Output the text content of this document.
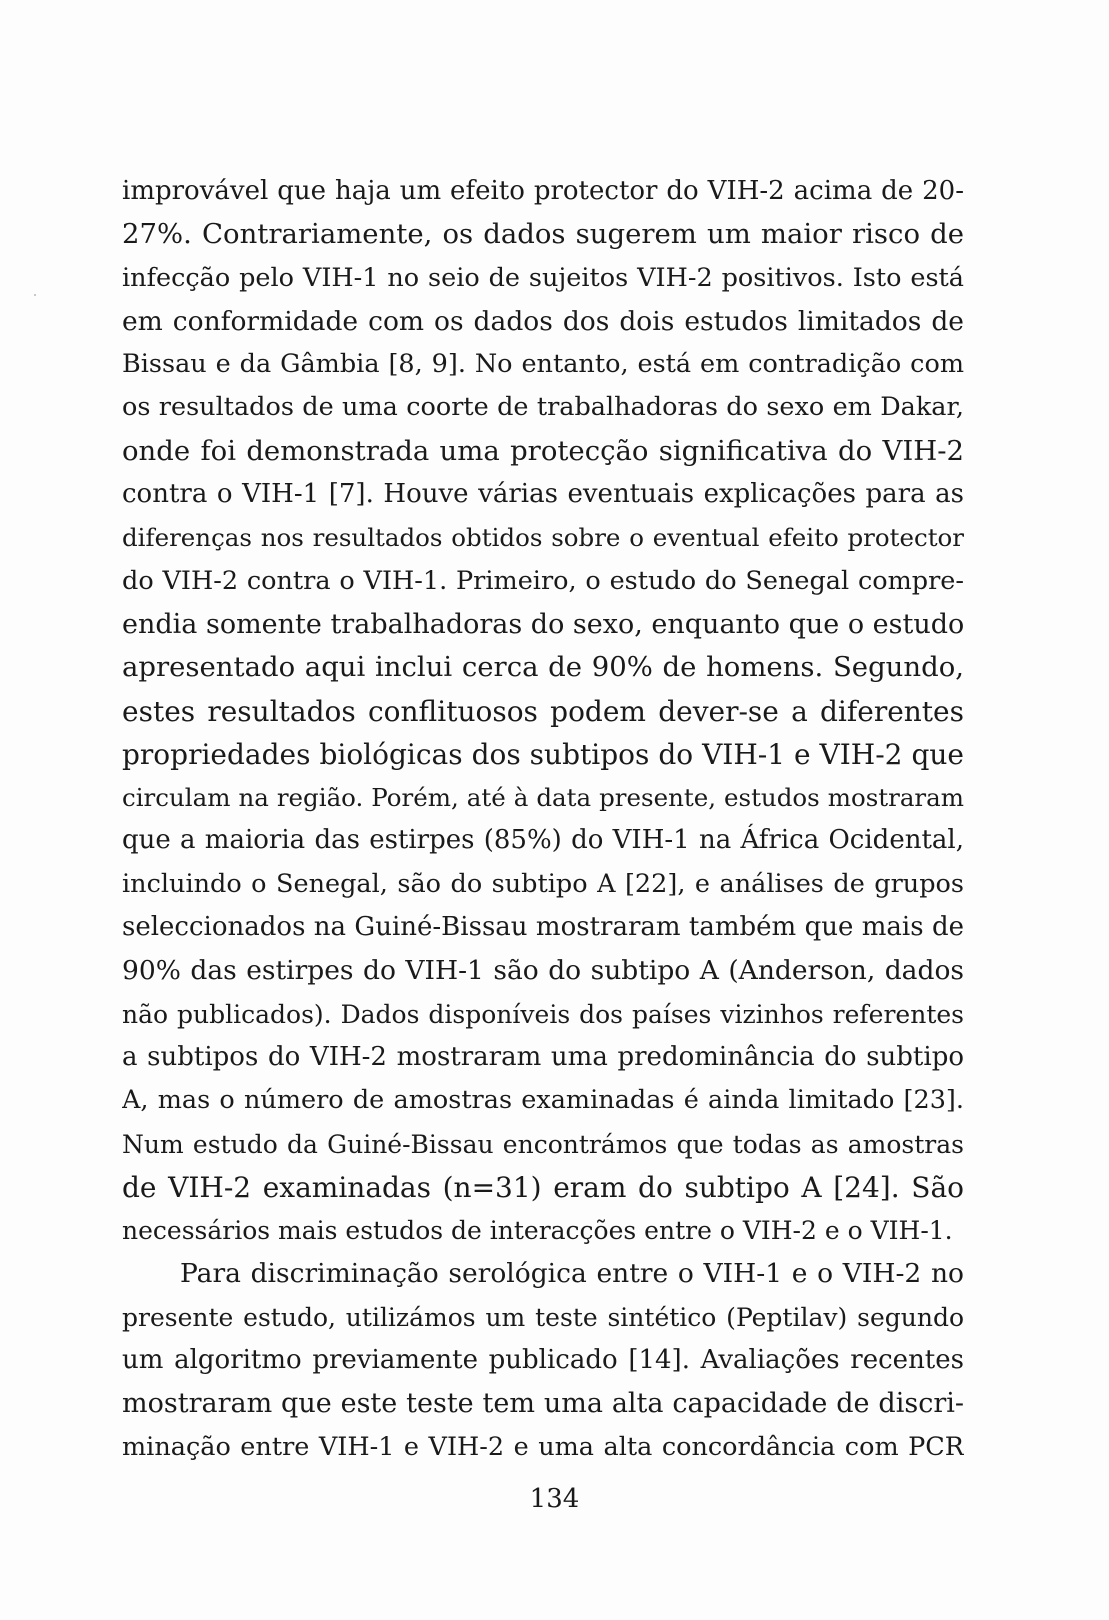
improvável que haja um efeito protector do VIH-2 acima de 20-
27%. Contrariamente, os dados sugerem um maior risco de
infecção pelo VIH-1 no seio de sujeitos VIH-2 positivos. Isto está
em conformidade com os dados dos dois estudos limitados de
Bissau e da Gâmbia [8, 9]. No entanto, está em contradição com
os resultados de uma coorte de trabalhadoras do sexo em Dakar,
onde foi demonstrada uma protecção significativa do VIH-2
contra o VIH-1 [7]. Houve várias eventuais explicações para as
diferenças nos resultados obtidos sobre o eventual efeito protector
do VIH-2 contra o VIH-1. Primeiro, o estudo do Senegal compre-
endia somente trabalhadoras do sexo, enquanto que o estudo
apresentado aqui inclui cerca de 90% de homens. Segundo,
estes resultados conflituosos podem dever-se a diferentes
propriedades biológicas dos subtipos do VIH-1 e VIH-2 que
circulam na região. Porém, até à data presente, estudos mostraram
que a maioria das estirpes (85%) do VIH-1 na África Ocidental,
incluindo o Senegal, são do subtipo A [22], e análises de grupos
seleccionados na Guiné-Bissau mostraram também que mais de
90% das estirpes do VIH-1 são do subtipo A (Anderson, dados
não publicados). Dados disponíveis dos países vizinhos referentes
a subtipos do VIH-2 mostraram uma predominância do subtipo
A, mas o número de amostras examinadas é ainda limitado [23].
Num estudo da Guiné-Bissau encontrámos que todas as amostras
de VIH-2 examinadas (n=31) eram do subtipo A [24]. São
necessários mais estudos de interacções entre o VIH-2 e o VIH-1.
Para discriminação serológica entre o VIH-1 e o VIH-2 no
presente estudo, utilizámos um teste sintético (Peptilav) segundo
um algoritmo previamente publicado [14]. Avaliações recentes
mostraram que este teste tem uma alta capacidade de discri-
minação entre VIH-1 e VIH-2 e uma alta concordância com PCR
134
